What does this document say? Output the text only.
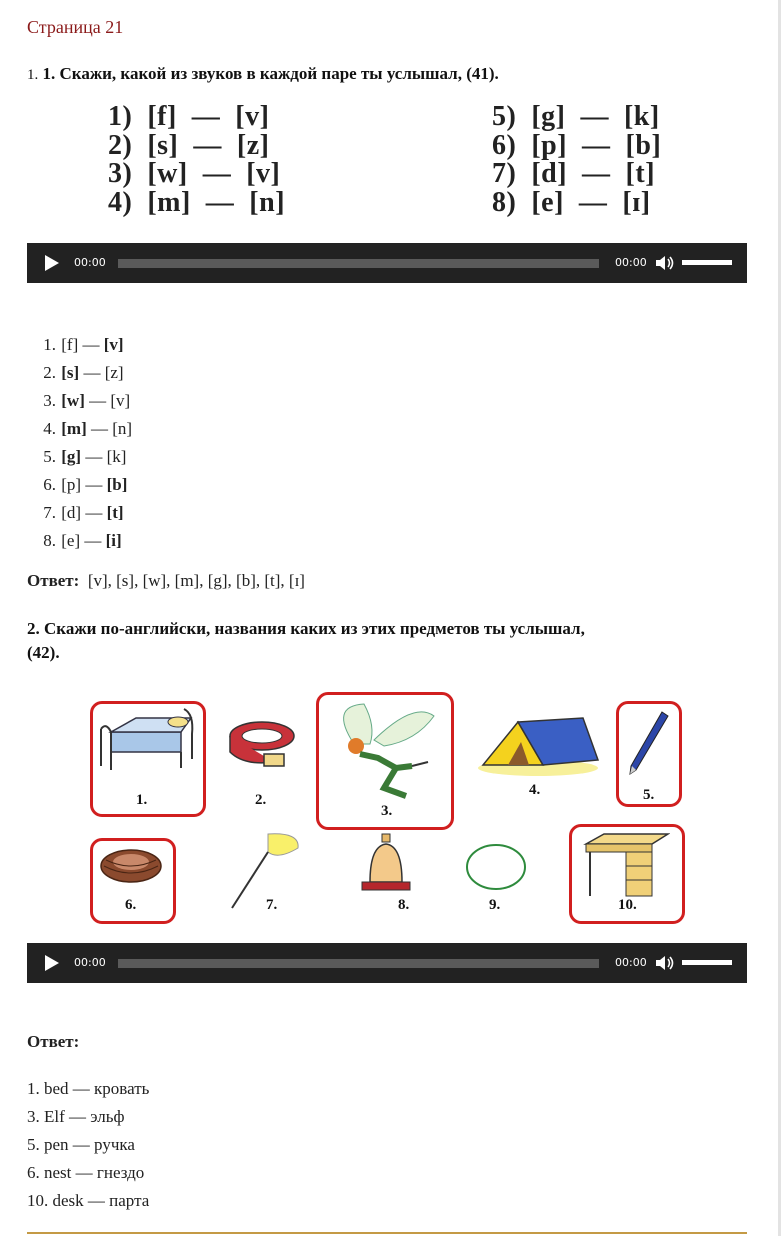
Страница 21
1. 1. Скажи, какой из звуков в каждой паре ты услышал, (41).
1)  [f]  —  [v]
2)  [s]  —  [z]
3)  [w]  —  [v]
4)  [m]  —  [n]
5)  [g]  —  [k]
6)  [p]  —  [b]
7)  [d]  —  [t]
8)  [e]  —  [ɪ]
00:00	00:00
1. [f] — [v]
2. [s] — [z]
3. [w] — [v]
4. [m] — [n]
5. [g] — [k]
6. [p] — [b]
7. [d] — [t]
8. [e] — [i]
Ответ: [v], [s], [w], [m], [g], [b], [t], [ɪ]
2. Скажи по-английски, названия каких из этих предметов ты услышал,
(42).
1.	2.
3.
4.	5.
6.	7.	8.	9.	10.
00:00	00:00
Ответ:
1. bed — кровать
3. Elf — эльф
5. pen — ручка
6. nest — гнездо
10. desk — парта
